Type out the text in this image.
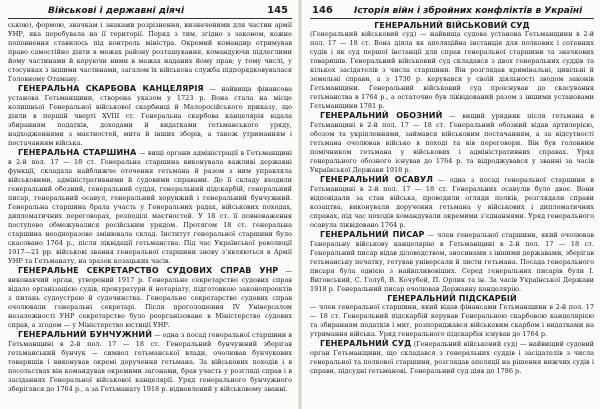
Військові і державні діячі	145

ською), формою, значкам і знаками розрізнення, визначеними для частин армії УНР, яка перебувала на її території. Поряд з тим, згідно з законом, кожне поповнення ставилось під контроль міністра. Окремий командир отримував право самостійно діяти в межах району розташування, командуючи підлеглими йому частинами й керуючи ними в межах наданих йому прав; у тому числі, у стосунках з іншими частинами, загалом їх військова служба підпорядковувалася Головному Отаману.

ГЕНЕРАЛЬНА СКАРБОВА КАНЦЕЛЯРІЯ — найвища фінансова установа Гетьманщини, створена указом у 1723 р. Вона стала на місце колишньої Генеральної військової скарбниці й Малоросійського приказу, що діяли в першій чверті XVIII ст. Генеральна скарбова канцелярія відала збиранням податків, доходами й видатками гетьманського уряду, надходженнями з маєтностей, мита й інших зборів, а також утриманням і постачанням війська.

ГЕНЕРАЛЬНА СТАРШИНА — вищі органи адміністрації в Гетьманщині в 2-й пол. 17 — 18 ст. Генеральна старшина виконувала важливі державні функції, складала найближче оточення гетьмана й разом з ним управляла військовими, адміністративними й судовими справами. До її складу входили генеральний обозний, генеральний суддя, генеральний підскарбій, генеральний писар, генеральний осавул, генеральний хорунжий і генеральний бунчужний. Генеральна старшина брала участь у Генеральних радах, військових походах, дипломатичних переговорах, розподілі маєтностей. У 18 ст. її повноваження поступово обмежувалися російським урядом. Протягом 18 ст. генеральна старшина неодноразово змінювала склад. Інститут генеральної старшини було скасовано 1764 р., після ліквідації гетьманства. Під час Української революції 1917—21 рр. військові звання генеральної старшини знову з’являються в Армії УНР та Гетьманату, на зразок козацьких часів.

ГЕНЕРАЛЬНЕ СЕКРЕТАРСТВО СУДОВИХ СПРАВ УНР — виконавчий орган, утворений 1917 р. Генеральне секретарство судових справ відало організацією судів, прокуратури й нотаріату, підготовкою законопроектів з питань судоустрою й судочинства. Генеральне секретарство судових справ очолювали генеральні секретарі. Після проголошення IV Універсалом незалежності УНР секретарство було реорганізоване в Міністерство судових справ, а згодом — у Міністерство юстиції УНР.

ГЕНЕРАЛЬНИЙ БУНЧУЖНИЙ — одна з посад генеральної старшини в Гетьманщині в 2-й пол. 17 — 18 ст. Генеральний бунчужний зберігав гетьманський бунчук — символ гетьманської влади, очолював бунчукових товаришів і виконував окремі доручення гетьмана. За військових походів і в посольствах він командував окремими загонами, брав участь у розгляді справ і в засіданнях Генеральної військової канцелярії. Уряд генерального бунчужного зберігався до 1764 р., а за Гетьманату 1918 р. відновлений у військовому званні.

146 Історія війн і збройних конфліктів в Україні

ГЕНЕРАЛЬНИЙ ВІЙСЬКОВИЙ СУД
(Генеральний військовий суд) — найвища судова установа Гетьманщини в 2-й пол. 17 — 18 ст. Вона діяла як апеляційна інстанція для полкових і сотенних судів і як суд першої інстанції для справ генеральної старшини та значкових товаришів. Генеральний військовий суд складався з двох генеральних суддів та кількох засідателів з числа старшини. Він розглядав кримінальні, цивільні й земельні справи, а з 1730 р. керувався у своїй діяльності зводом законів Гетьманщини. Генеральний військовий суд проіснував до скасування гетьманства в 1764 р., а остаточно був ліквідований разом з іншими установами Гетьманщини 1781 р.

ГЕНЕРАЛЬНИЙ ОБОЗНИЙ — вищий урядник після гетьмана в Гетьманщині в 2-й пол. 17 — 18 ст. Генеральний обозний відав артилерією, обозом та укріпленнями, займався військовим постачанням, а за відсутності гетьмана очолював військо в поході та вів переговори. Він був головним помічником гетьмана у військових і адміністративних справах. Уряд генерального обозного існував до 1764 р. та відроджувався у званні за часів Української Держави 1918 р.

ГЕНЕРАЛЬНИЙ ОСАВУЛ — одна з посад генеральної старшини в Гетьманщині в 2-й пол. 17 — 18 ст. Генеральних осавулів було двоє. Вони відповідали за стан війська, проводили огляди полків, розглядали справи козацтва, виконували доручення гетьмана у військових і дипломатичних справах, під час походів командували окремими з’єднаннями. Уряд генерального осавула ліквідовано 1764 р.

ГЕНЕРАЛЬНИЙ ПИСАР — член генеральної старшини, який очолював Генеральну військову канцелярію в Гетьманщині в 2-й пол. 17 — 18 ст. Генеральний писар відав діловодством, зносинами з іншими державами, зберігав гетьманську печатку, готував універсали й листи гетьмана. Посада генерального писаря була однією з найвпливовіших. Серед генеральних писарів були І. Виговський, С. Голуб, В. Кочубей, П. Орлик та ін. За часів Української Держави 1918 р. Генеральний писар очолював Державну канцелярію.

ГЕНЕРАЛЬНИЙ ПІДСКАРБІЙ
— член генеральної старшини, який відав фінансами Гетьманщини в 2-й пол. 17 — 18 ст. Генеральний підскарбій керував Генеральною скарбовою канцелярією та збиранням податків і мит, розпоряджався військовим скарбом і видатками на утримання війська. Уряд генерального підскарбія існував до 1764 р.

ГЕНЕРАЛЬНИЙ СУД (Генеральний військовий суд) — найвищий судовий орган Гетьманщини, що складався з генеральних суддів і засідателів з числа генеральної та полкової старшини, розглядав апеляції на рішення нижчих судів і справи, підсудні гетьманові. Генеральний суд діяв до 1786 р.
